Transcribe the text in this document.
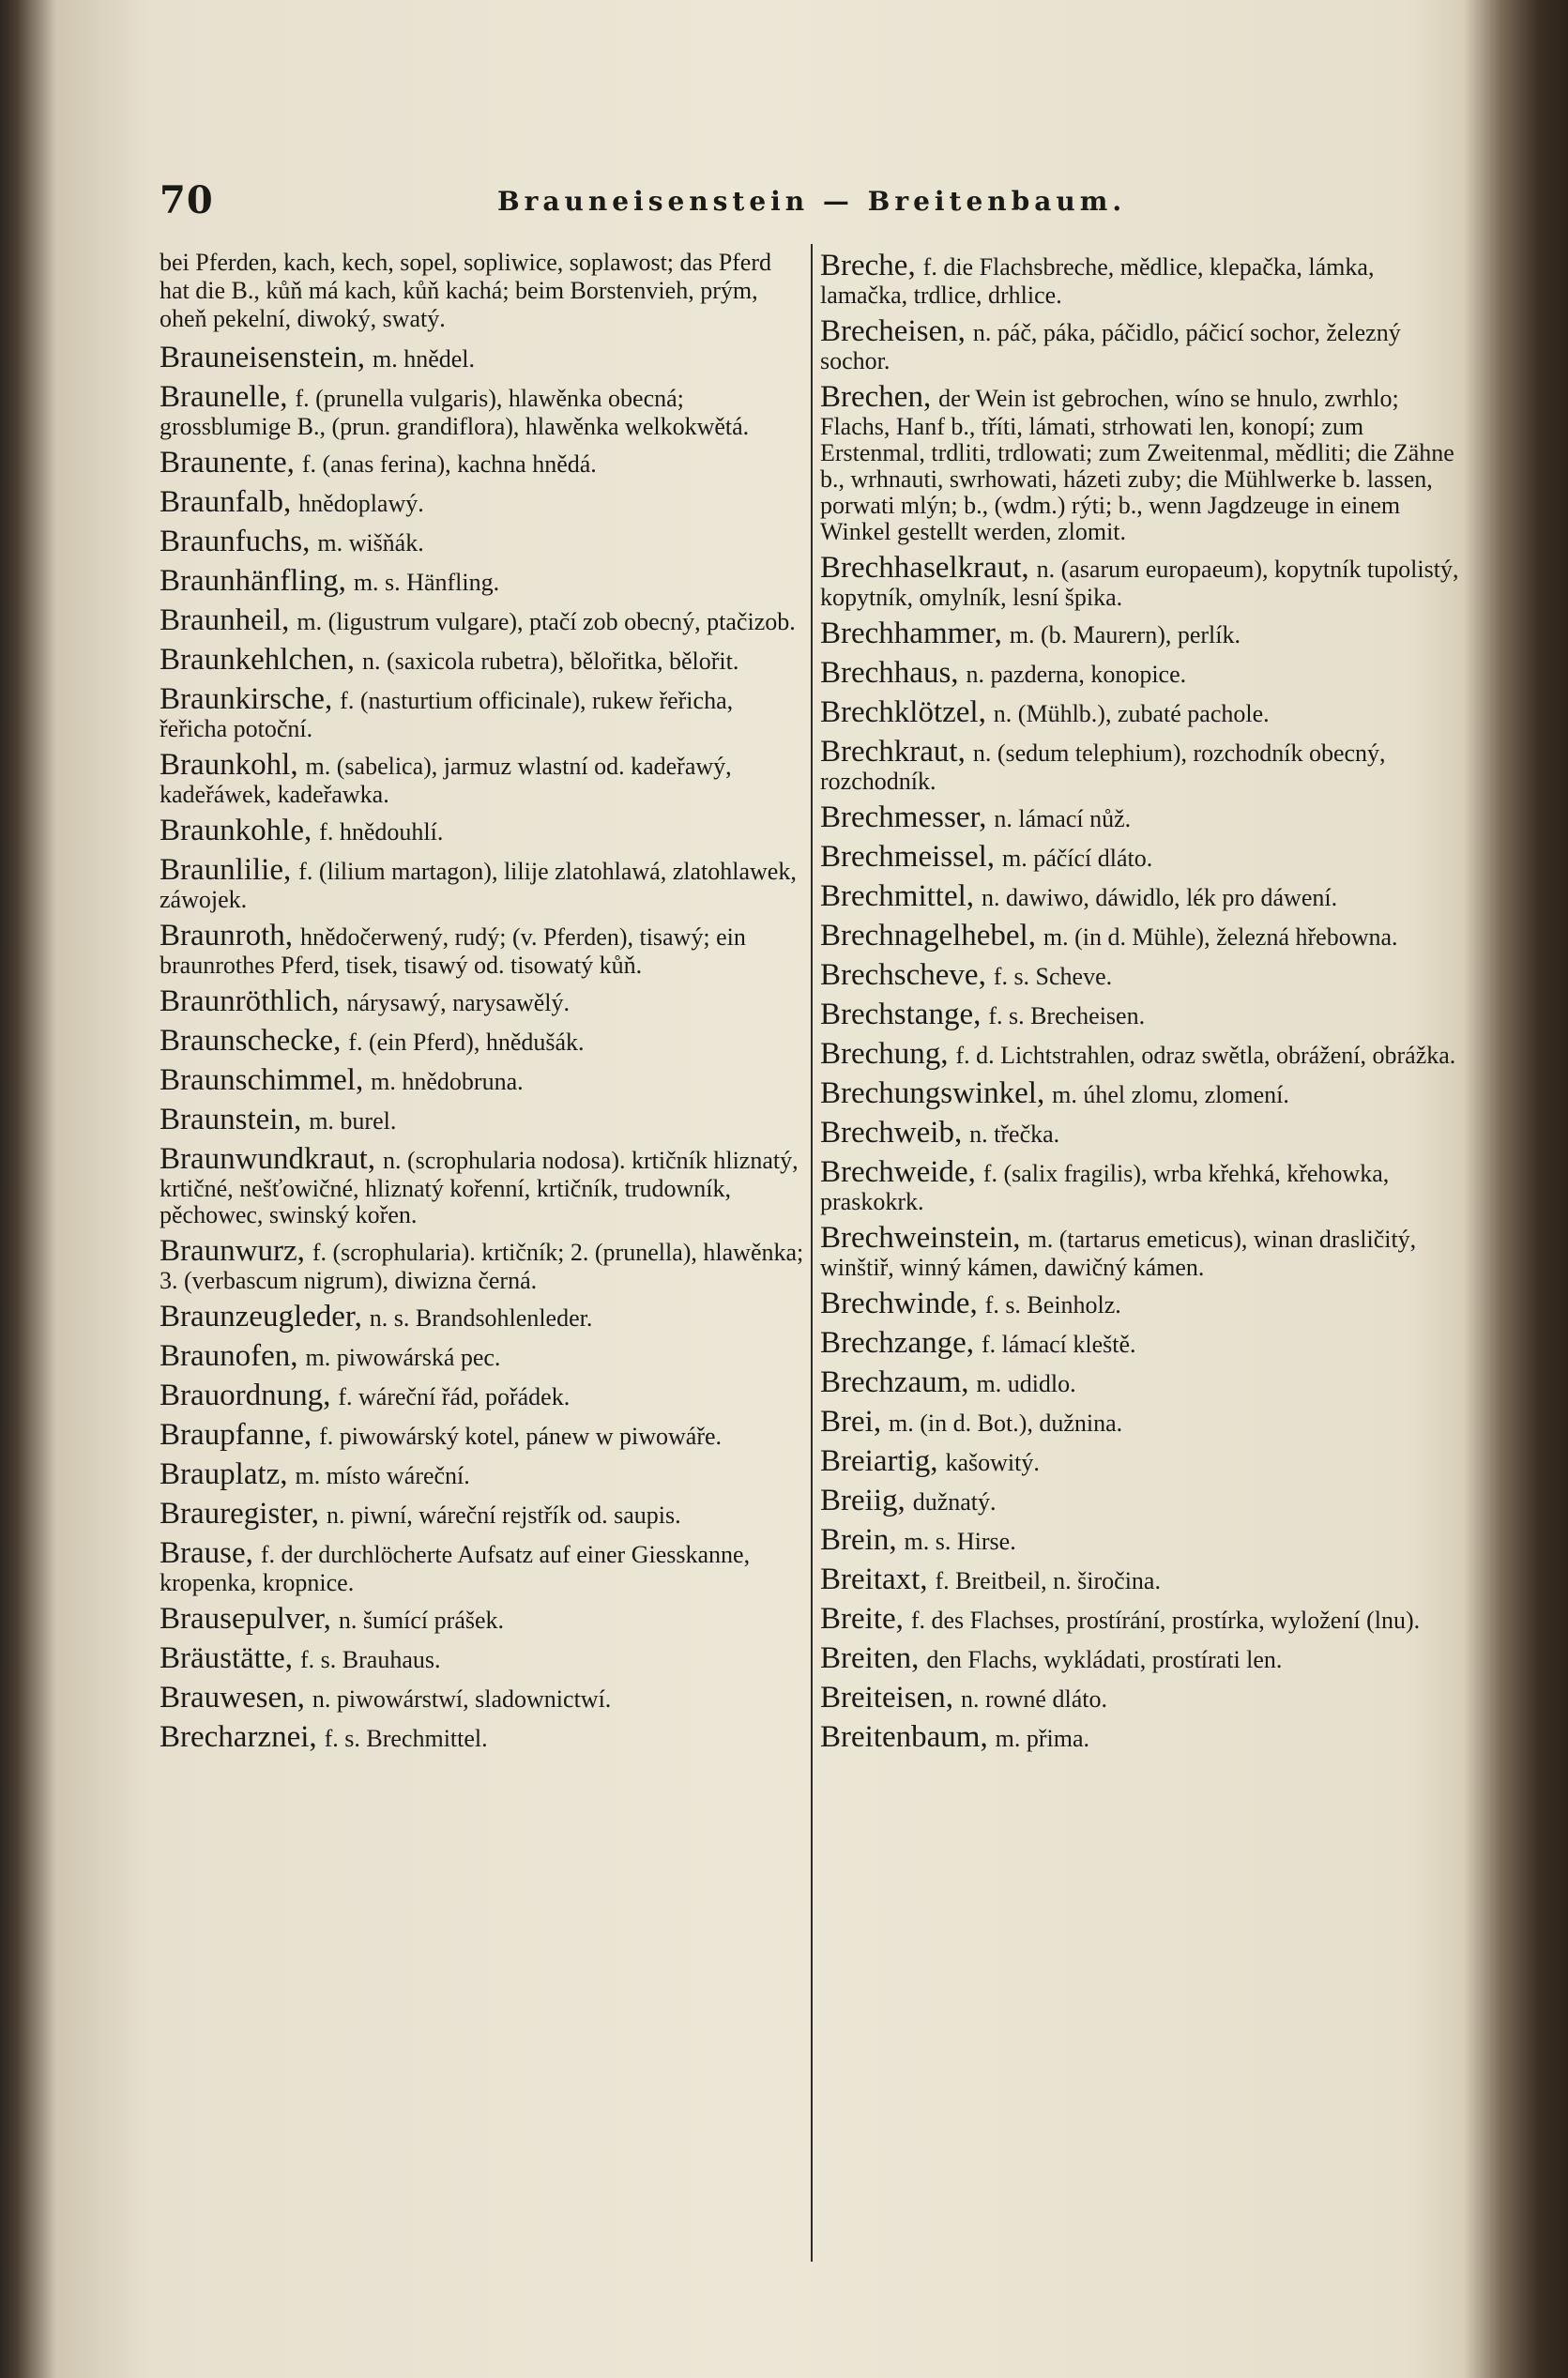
70	Brauneisenstein — Breitenbaum.
bei Pferden, kach, kech, sopel, sopliwice, soplawost; das Pferd hat die B., kůň má kach, kůň kachá; beim Borstenvieh, prým, oheň pekelní, diwoký, swatý.
Brauneisenstein, m. hnědel.
Braunelle, f. (prunella vulgaris), hlawěnka obecná; grossblumige B., (prun. grandiflora), hlawěnka welkokwětá.
Braunente, f. (anas ferina), kachna hnědá.
Braunfalb, hnědoplawý.
Braunfuchs, m. wišňák.
Braunhänfling, m. s. Hänfling.
Braunheil, m. (ligustrum vulgare), ptačí zob obecný, ptačizob.
Braunkehlchen, n. (saxicola rubetra), bělořitka, bělořit.
Braunkirsche, f. (nasturtium officinale), rukew řeřicha, řeřicha potoční.
Braunkohl, m. (sabelica), jarmuz wlastní od. kadeřawý, kadeřáwek, kadeřawka.
Braunkohle, f. hnědouhlí.
Braunlilie, f. (lilium martagon), lilije zlatohlawá, zlatohlawek, záwojek.
Braunroth, hnědočerwený, rudý; (v. Pferden), tisawý; ein braunrothes Pferd, tisek, tisawý od. tisowatý kůň.
Braunröthlich, nárysawý, narysawělý.
Braunschecke, f. (ein Pferd), hnědušák.
Braunschimmel, m. hnědobruna.
Braunstein, m. burel.
Braunwundkraut, n. (scrophularia nodosa). krtičník hliznatý, krtičné, nešťowičné, hliznatý kořenní, krtičník, trudowník, pěchowec, swinský kořen.
Braunwurz, f. (scrophularia). krtičník; 2. (prunella), hlawěnka; 3. (verbascum nigrum), diwizna černá.
Braunzeugleder, n. s. Brandsohlenleder.
Braunofen, m. piwowárská pec.
Brauordnung, f. wáreční řád, pořádek.
Braupfanne, f. piwowárský kotel, pánew w piwowáře.
Brauplatz, m. místo wáreční.
Brauregister, n. piwní, wáreční rejstřík od. saupis.
Brause, f. der durchlöcherte Aufsatz auf einer Giesskanne, kropenka, kropnice.
Brausepulver, n. šumící prášek.
Bräustätte, f. s. Brauhaus.
Brauwesen, n. piwowárstwí, sladownictwí.
Brecharznei, f. s. Brechmittel.
Breche, f. die Flachsbreche, mědlice, klepačka, lámka, lamačka, trdlice, drhlice.
Brecheisen, n. páč, páka, páčidlo, páčicí sochor, železný sochor.
Brechen, der Wein ist gebrochen, wíno se hnulo, zwrhlo; Flachs, Hanf b., tříti, lámati, strhowati len, konopí; zum Erstenmal, trdliti, trdlowati; zum Zweitenmal, mědliti; die Zähne b., wrhnauti, swrhowati, házeti zuby; die Mühlwerke b. lassen, porwati mlýn; b., (wdm.) rýti; b., wenn Jagdzeuge in einem Winkel gestellt werden, zlomit.
Brechhaselkraut, n. (asarum europaeum), kopytník tupolistý, kopytník, omylník, lesní špika.
Brechhammer, m. (b. Maurern), perlík.
Brechhaus, n. pazderna, konopice.
Brechklötzel, n. (Mühlb.), zubaté pachole.
Brechkraut, n. (sedum telephium), rozchodník obecný, rozchodník.
Brechmesser, n. lámací nůž.
Brechmeissel, m. páčící dláto.
Brechmittel, n. dawiwo, dáwidlo, lék pro dáwení.
Brechnagelhebel, m. (in d. Mühle), železná hřebowna.
Brechscheve, f. s. Scheve.
Brechstange, f. s. Brecheisen.
Brechung, f. d. Lichtstrahlen, odraz swětla, obrážení, obrážka.
Brechungswinkel, m. úhel zlomu, zlomení.
Brechweib, n. třečka.
Brechweide, f. (salix fragilis), wrba křehká, křehowka, praskokrk.
Brechweinstein, m. (tartarus emeticus), winan drasličitý, winštiř, winný kámen, dawičný kámen.
Brechwinde, f. s. Beinholz.
Brechzange, f. lámací kleště.
Brechzaum, m. udidlo.
Brei, m. (in d. Bot.), dužnina.
Breiartig, kašowitý.
Breiig, dužnatý.
Brein, m. s. Hirse.
Breitaxt, f. Breitbeil, n. širočina.
Breite, f. des Flachses, prostírání, prostírka, wyložení (lnu).
Breiten, den Flachs, wykládati, prostírati len.
Breiteisen, n. rowné dláto.
Breitenbaum, m. přima.
